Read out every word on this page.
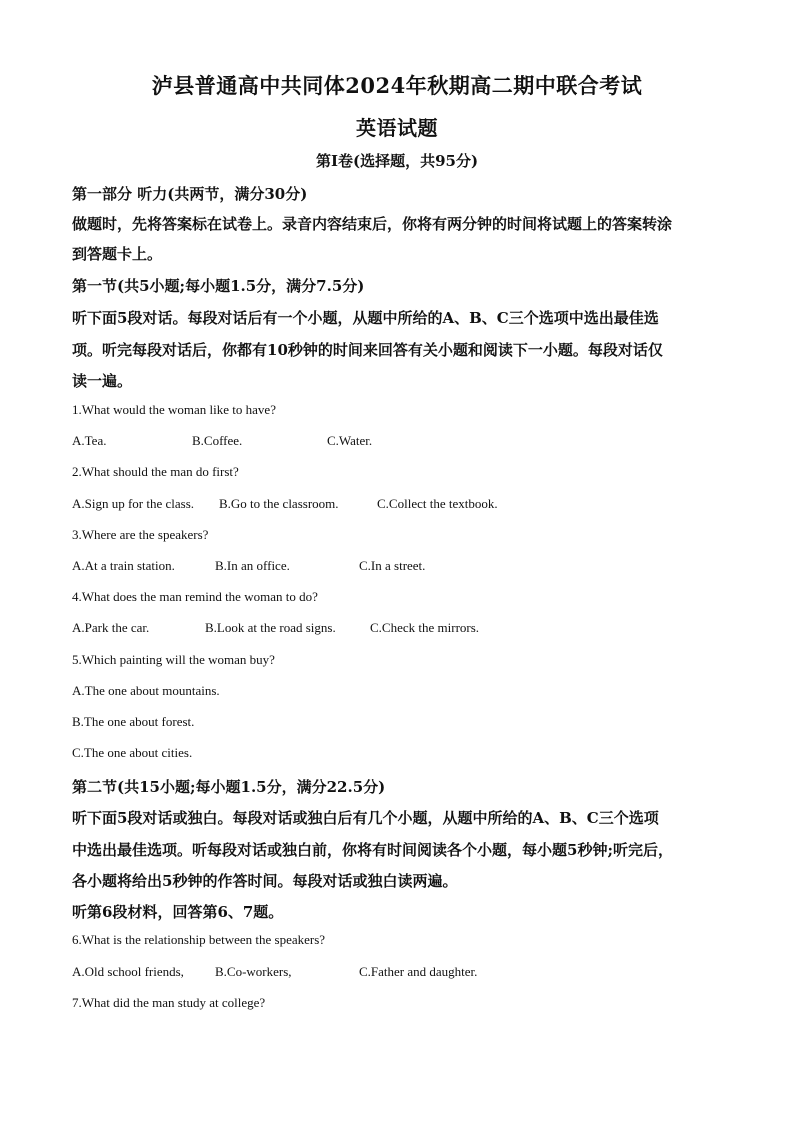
泸县普通高中共同体2024年秋期高二期中联合考试
英语试题
第Ⅰ卷(选择题，共95分)
第一部分 听力(共两节，满分30分)
做题时，先将答案标在试卷上。录音内容结束后，你将有两分钟的时间将试题上的答案转涂
到答题卡上。
第一节(共5小题;每小题1.5分，满分7.5分)
听下面5段对话。每段对话后有一个小题，从题中所给的A、B、C三个选项中选出最佳选
项。听完每段对话后，你都有10秒钟的时间来回答有关小题和阅读下一小题。每段对话仅
读一遍。
1.What would the woman like to have?
A.Tea.	B.Coffee.	C.Water.
2.What should the man do first?
A.Sign up for the class. B.Go to the classroom.	C.Collect the textbook.
3.Where are the speakers?
A.At a train station.	B.In an office.	C.In a street.
4.What does the man remind the woman to do?
A.Park the car.	B.Look at the road signs.	C.Check the mirrors.
5.Which painting will the woman buy?
A.The one about mountains.
B.The one about forest.
C.The one about cities.
第二节(共15小题;每小题1.5分，满分22.5分)
听下面5段对话或独白。每段对话或独白后有几个小题，从题中所给的A、B、C三个选项
中选出最佳选项。听每段对话或独白前，你将有时间阅读各个小题，每小题5秒钟;听完后，
各小题将给出5秒钟的作答时间。每段对话或独白读两遍。
听第6段材料，回答第6、7题。
6.What is the relationship between the speakers?
A.Old school friends, B.Co-workers,	C.Father and daughter.
7.What did the man study at college?
